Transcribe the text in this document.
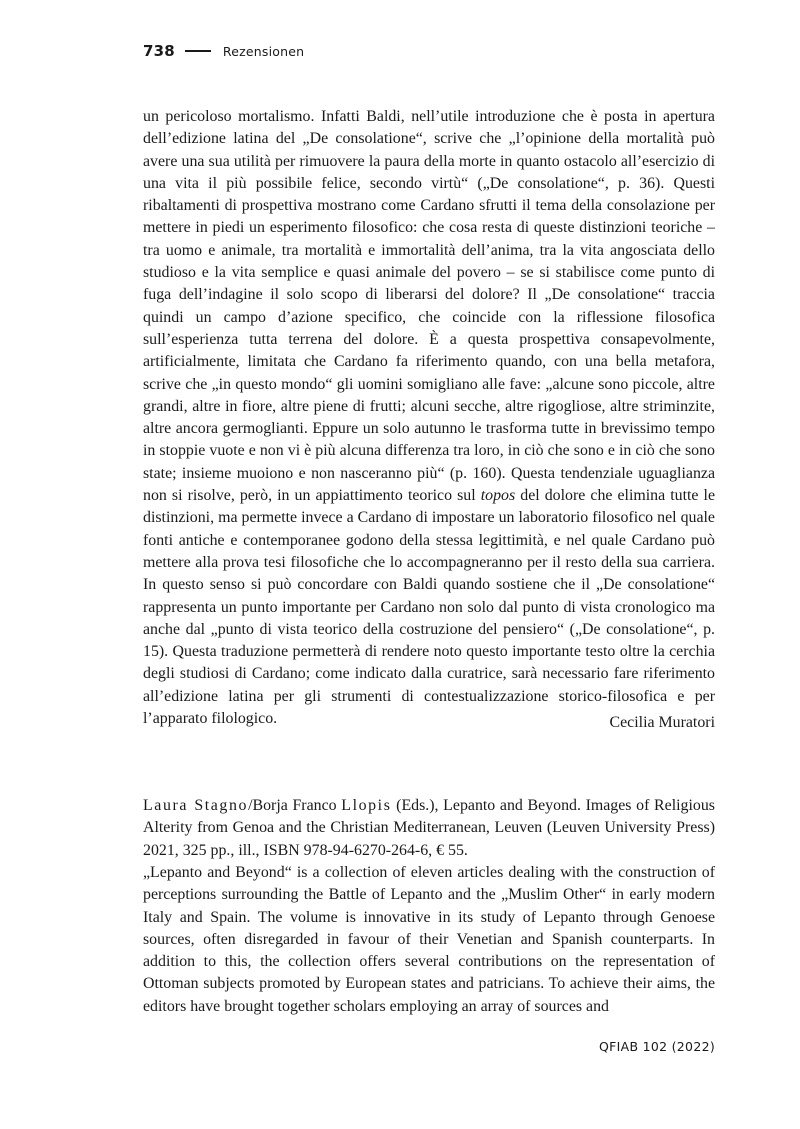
738	Rezensionen

un pericoloso mortalismo. Infatti Baldi, nell’utile introduzione che è posta in apertura dell’edizione latina del „De consolatione“, scrive che „l’opinione della mortalità può avere una sua utilità per rimuovere la paura della morte in quanto ostacolo all’esercizio di una vita il più possibile felice, secondo virtù“ („De consolatione“, p. 36). Questi ribaltamenti di prospettiva mostrano come Cardano sfrutti il tema della consolazione per mettere in piedi un esperimento filosofico: che cosa resta di queste distinzioni teoriche – tra uomo e animale, tra mortalità e immortalità dell’anima, tra la vita angosciata dello studioso e la vita semplice e quasi animale del povero – se si stabilisce come punto di fuga dell’indagine il solo scopo di liberarsi del dolore? Il „De consolatione“ traccia quindi un campo d’azione specifico, che coincide con la riflessione filosofica sull’esperienza tutta terrena del dolore. È a questa prospettiva consapevolmente, artificialmente, limitata che Cardano fa riferimento quando, con una bella metafora, scrive che „in questo mondo“ gli uomini somigliano alle fave: „alcune sono piccole, altre grandi, altre in fiore, altre piene di frutti; alcuni secche, altre rigogliose, altre striminzite, altre ancora germoglianti. Eppure un solo autunno le trasforma tutte in brevissimo tempo in stoppie vuote e non vi è più alcuna differenza tra loro, in ciò che sono e in ciò che sono state; insieme muoiono e non nasceranno più“ (p. 160). Questa tendenziale uguaglianza non si risolve, però, in un appiattimento teorico sul topos del dolore che elimina tutte le distinzioni, ma permette invece a Cardano di impostare un laboratorio filosofico nel quale fonti antiche e contemporanee godono della stessa legittimità, e nel quale Cardano può mettere alla prova tesi filosofiche che lo accompagneranno per il resto della sua carriera. In questo senso si può concordare con Baldi quando sostiene che il „De consolatione“ rappresenta un punto importante per Cardano non solo dal punto di vista cronologico ma anche dal „punto di vista teorico della costruzione del pensiero“ („De consolatione“, p. 15). Questa traduzione permetterà di rendere noto questo importante testo oltre la cerchia degli studiosi di Cardano; come indicato dalla curatrice, sarà necessario fare riferimento all’edizione latina per gli strumenti di contestualizzazione storico-filosofica e per l’apparato filologico.	Cecilia Muratori

Laura Stagno/Borja Franco Llopis (Eds.), Lepanto and Beyond. Images of Religious Alterity from Genoa and the Christian Mediterranean, Leuven (Leuven University Press) 2021, 325 pp., ill., ISBN 978-94-6270-264-6, € 55.

„Lepanto and Beyond“ is a collection of eleven articles dealing with the construction of perceptions surrounding the Battle of Lepanto and the „Muslim Other“ in early modern Italy and Spain. The volume is innovative in its study of Lepanto through Genoese sources, often disregarded in favour of their Venetian and Spanish counterparts. In addition to this, the collection offers several contributions on the representation of Ottoman subjects promoted by European states and patricians. To achieve their aims, the editors have brought together scholars employing an array of sources and

QFIAB 102 (2022)
